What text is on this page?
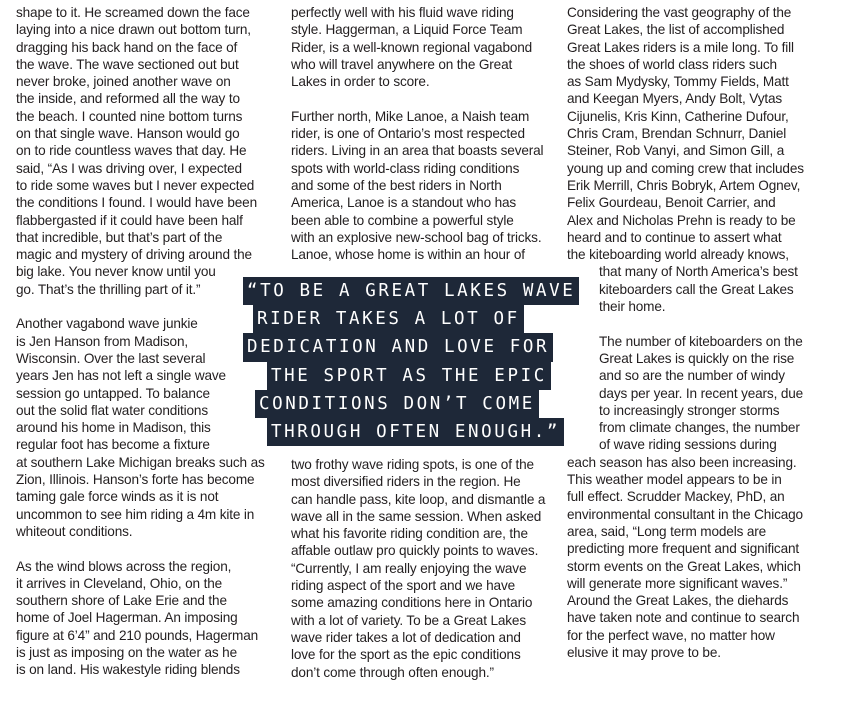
shape to it. He screamed down the face

laying into a nice drawn out bottom turn,

dragging his back hand on the face of

the wave. The wave sectioned out but

never broke, joined another wave on

the inside, and reformed all the way to

the beach. I counted nine bottom turns

on that single wave. Hanson would go

on to ride countless waves that day. He

said, “As I was driving over, I expected

to ride some waves but I never expected

the conditions I found. I would have been

flabbergasted if it could have been half

that incredible, but that’s part of the

magic and mystery of driving around the

big lake. You never know until you

go. That’s the thrilling part of it.”

Another vagabond wave junkie

is Jen Hanson from Madison,

Wisconsin. Over the last several

years Jen has not left a single wave

session go untapped. To balance

out the solid flat water conditions

around his home in Madison, this

regular foot has become a fixture

at southern Lake Michigan breaks such as

Zion, Illinois. Hanson’s forte has become

taming gale force winds as it is not

uncommon to see him riding a 4m kite in

whiteout conditions.

As the wind blows across the region,

it arrives in Cleveland, Ohio, on the

southern shore of Lake Erie and the

home of Joel Hagerman. An imposing

figure at 6’4” and 210 pounds, Hagerman

is just as imposing on the water as he

is on land. His wakestyle riding blends

perfectly well with his fluid wave riding

style. Haggerman, a Liquid Force Team

Rider, is a well-known regional vagabond

who will travel anywhere on the Great

Lakes in order to score.

Further north, Mike Lanoe, a Naish team

rider, is one of Ontario’s most respected

riders. Living in an area that boasts several

spots with world-class riding conditions

and some of the best riders in North

America, Lanoe is a standout who has

been able to combine a powerful style

with an explosive new-school bag of tricks.

Lanoe, whose home is within an hour of

two frothy wave riding spots, is one of the

most diversified riders in the region. He

can handle pass, kite loop, and dismantle a

wave all in the same session. When asked

what his favorite riding condition are, the

affable outlaw pro quickly points to waves.

“Currently, I am really enjoying the wave

riding aspect of the sport and we have

some amazing conditions here in Ontario

with a lot of variety. To be a Great Lakes

wave rider takes a lot of dedication and

love for the sport as the epic conditions

don’t come through often enough.”

Considering the vast geography of the

Great Lakes, the list of accomplished

Great Lakes riders is a mile long. To fill

the shoes of world class riders such

as Sam Mydysky, Tommy Fields, Matt

and Keegan Myers, Andy Bolt, Vytas

Cijunelis, Kris Kinn, Catherine Dufour,

Chris Cram, Brendan Schnurr, Daniel

Steiner, Rob Vanyi, and Simon Gill, a

young up and coming crew that includes

Erik Merrill, Chris Bobryk, Artem Ognev,

Felix Gourdeau, Benoit Carrier, and

Alex and Nicholas Prehn is ready to be

heard and to continue to assert what

the kiteboarding world already knows,

that many of North America’s best

kiteboarders call the Great Lakes

their home.

The number of kiteboarders on the

Great Lakes is quickly on the rise

and so are the number of windy

days per year. In recent years, due

to increasingly stronger storms

from climate changes, the number

of wave riding sessions during

each season has also been increasing.

This weather model appears to be in

full effect. Scrudder Mackey, PhD, an

environmental consultant in the Chicago

area, said, “Long term models are

predicting more frequent and significant

storm events on the Great Lakes, which

will generate more significant waves.”

Around the Great Lakes, the diehards

have taken note and continue to search

for the perfect wave, no matter how

elusive it may prove to be.

“TO BE A GREAT LAKES WAVE
RIDER TAKES A LOT OF
DEDICATION AND LOVE FOR
THE SPORT AS THE EPIC
CONDITIONS DON’T COME
THROUGH OFTEN ENOUGH.”
